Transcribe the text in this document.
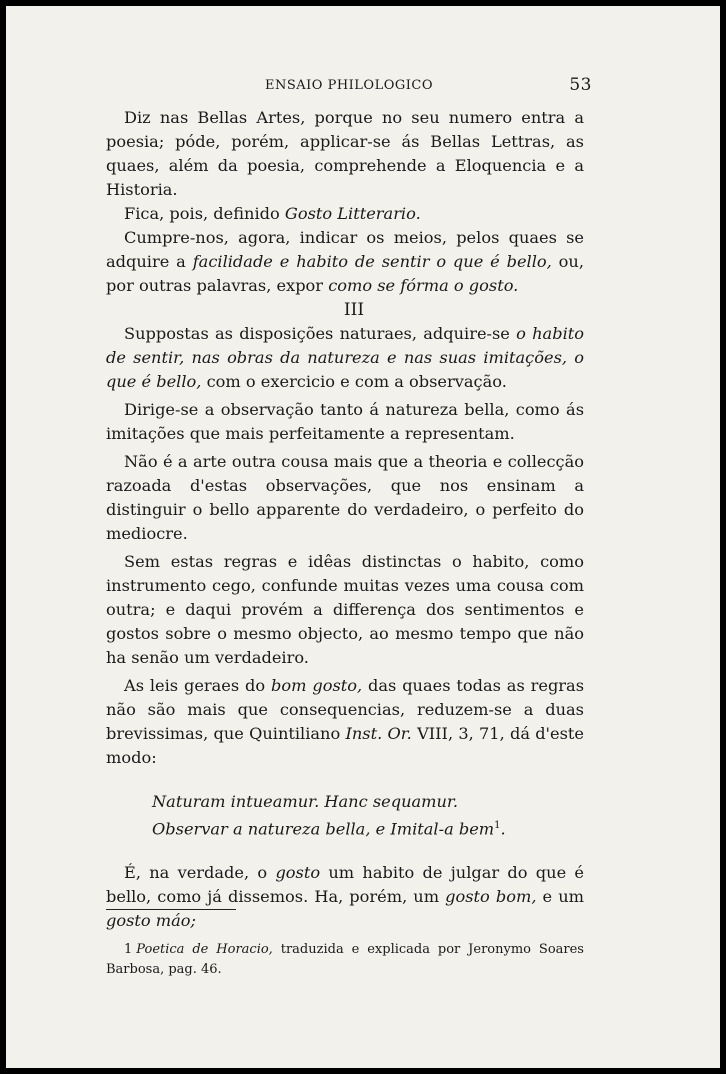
ENSAIO PHILOLOGICO	53

Diz nas Bellas Artes, porque no seu numero entra a poesia; póde, porém, applicar-se ás Bellas Lettras, as quaes, além da poesia, comprehende a Eloquencia e a Historia.

Fica, pois, definido Gosto Litterario.

Cumpre-nos, agora, indicar os meios, pelos quaes se adquire a facilidade e habito de sentir o que é bello, ou, por outras palavras, expor como se fórma o gosto.

III

Suppostas as disposições naturaes, adquire-se o habito de sentir, nas obras da natureza e nas suas imitações, o que é bello, com o exercicio e com a observação.

Dirige-se a observação tanto á natureza bella, como ás imitações que mais perfeitamente a representam.

Não é a arte outra cousa mais que a theoria e collecção razoada d'estas observações, que nos ensinam a distinguir o bello apparente do verdadeiro, o perfeito do mediocre.

Sem estas regras e idêas distinctas o habito, como instrumento cego, confunde muitas vezes uma cousa com outra; e daqui provém a differença dos sentimentos e gostos sobre o mesmo objecto, ao mesmo tempo que não ha senão um verdadeiro.

As leis geraes do bom gosto, das quaes todas as regras não são mais que consequencias, reduzem-se a duas brevissimas, que Quintiliano Inst. Or. VIII, 3, 71, dá d'este modo:

Naturam intueamur. Hanc sequamur.
Observar a natureza bella, e Imital-a bem$^1$.

É, na verdade, o gosto um habito de julgar do que é bello, como já dissemos. Ha, porém, um gosto bom, e um gosto máo;

1 Poetica de Horacio, traduzida e explicada por Jeronymo Soares Barbosa, pag. 46.
